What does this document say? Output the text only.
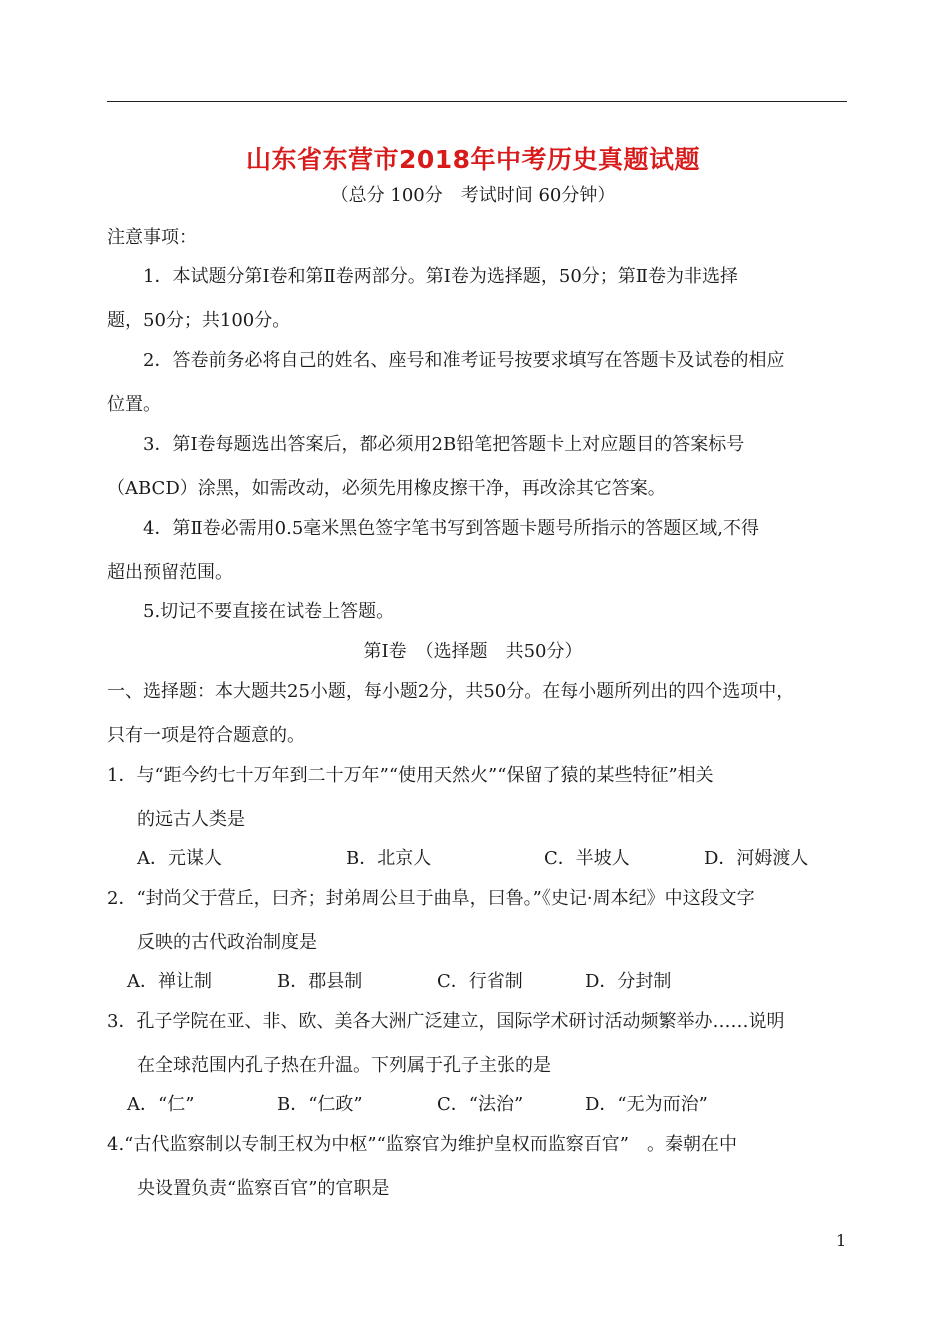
山东省东营市2018年中考历史真题试题
（总分 100分　考试时间 60分钟）
注意事项：
1．本试题分第Ⅰ卷和第Ⅱ卷两部分。第Ⅰ卷为选择题，50分；第Ⅱ卷为非选择
题，50分；共100分。
2．答卷前务必将自己的姓名、座号和准考证号按要求填写在答题卡及试卷的相应
位置。
3．第Ⅰ卷每题选出答案后，都必须用2B铅笔把答题卡上对应题目的答案标号
（ABCD）涂黑，如需改动，必须先用橡皮擦干净，再改涂其它答案。
4．第Ⅱ卷必需用0.5毫米黑色签字笔书写到答题卡题号所指示的答题区域,不得
超出预留范围。
5.切记不要直接在试卷上答题。
第Ⅰ卷　（选择题　共50分）
一、选择题：本大题共25小题，每小题2分，共50分。在每小题所列出的四个选项中，
只有一项是符合题意的。
1．与“距今约七十万年到二十万年”“使用天然火”“保留了猿的某些特征”相关
的远古人类是
A．元谋人	B．北京人	C．半坡人	D．河姆渡人
2．“封尚父于营丘，曰齐；封弟周公旦于曲阜，曰鲁。”《史记·周本纪》中这段文字
反映的古代政治制度是
A．禅让制	B．郡县制	C．行省制	D．分封制
3．孔子学院在亚、非、欧、美各大洲广泛建立，国际学术研讨活动频繁举办……说明
在全球范围内孔子热在升温。下列属于孔子主张的是
A．“仁”	B．“仁政”	C．“法治”	D．“无为而治”
4.“古代监察制以专制王权为中枢”“监察官为维护皇权而监察百官”　。秦朝在中
央设置负责“监察百官”的官职是
1
